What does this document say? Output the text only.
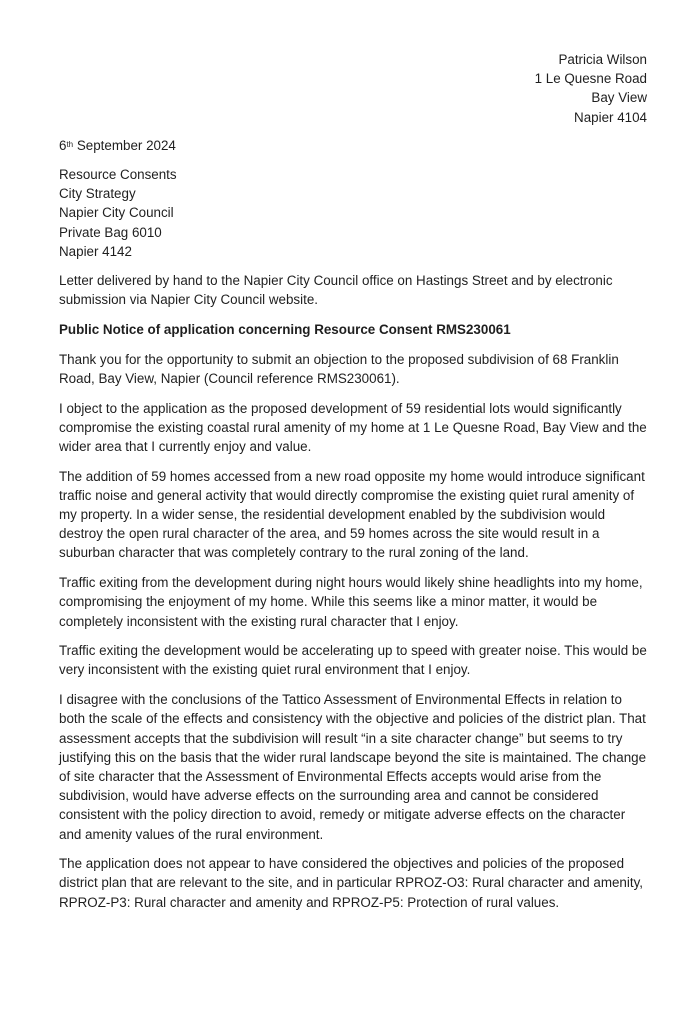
Patricia Wilson
1 Le Quesne Road
Bay View
Napier 4104
6th September 2024
Resource Consents
City Strategy
Napier City Council
Private Bag 6010
Napier 4142

Letter delivered by hand to the Napier City Council office on Hastings Street and by electronic submission via Napier City Council website.

Public Notice of application concerning Resource Consent RMS230061

Thank you for the opportunity to submit an objection to the proposed subdivision of 68 Franklin Road, Bay View, Napier (Council reference RMS230061).

I object to the application as the proposed development of 59 residential lots would significantly compromise the existing coastal rural amenity of my home at 1 Le Quesne Road, Bay View and the wider area that I currently enjoy and value.

The addition of 59 homes accessed from a new road opposite my home would introduce significant traffic noise and general activity that would directly compromise the existing quiet rural amenity of my property. In a wider sense, the residential development enabled by the subdivision would destroy the open rural character of the area, and 59 homes across the site would result in a suburban character that was completely contrary to the rural zoning of the land.

Traffic exiting from the development during night hours would likely shine headlights into my home, compromising the enjoyment of my home. While this seems like a minor matter, it would be completely inconsistent with the existing rural character that I enjoy.

Traffic exiting the development would be accelerating up to speed with greater noise. This would be very inconsistent with the existing quiet rural environment that I enjoy.

I disagree with the conclusions of the Tattico Assessment of Environmental Effects in relation to both the scale of the effects and consistency with the objective and policies of the district plan. That assessment accepts that the subdivision will result “in a site character change” but seems to try justifying this on the basis that the wider rural landscape beyond the site is maintained. The change of site character that the Assessment of Environmental Effects accepts would arise from the subdivision, would have adverse effects on the surrounding area and cannot be considered consistent with the policy direction to avoid, remedy or mitigate adverse effects on the character and amenity values of the rural environment.

The application does not appear to have considered the objectives and policies of the proposed district plan that are relevant to the site, and in particular RPROZ-O3: Rural character and amenity, RPROZ-P3: Rural character and amenity and RPROZ-P5: Protection of rural values.
